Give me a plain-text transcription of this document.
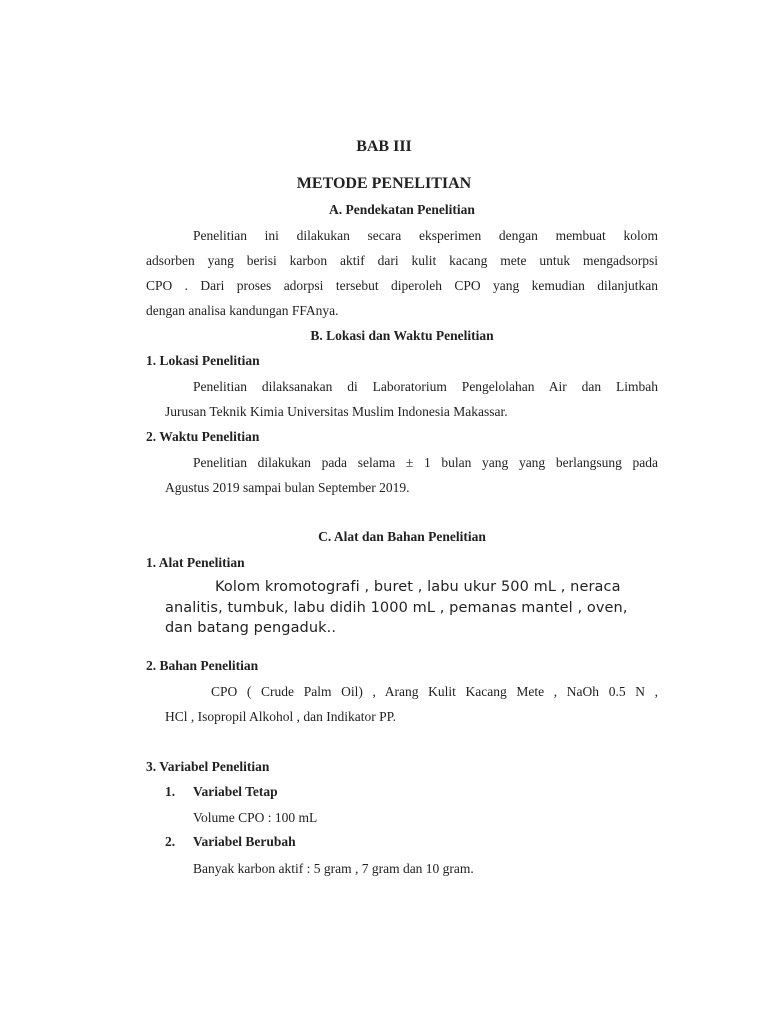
BAB III
METODE PENELITIAN
A. Pendekatan Penelitian
Penelitian ini dilakukan secara eksperimen dengan membuat kolom
adsorben yang berisi karbon aktif dari kulit kacang mete untuk mengadsorpsi
CPO . Dari proses adorpsi tersebut diperoleh CPO yang kemudian dilanjutkan
dengan analisa kandungan FFAnya.
B. Lokasi dan Waktu Penelitian
1. Lokasi Penelitian
Penelitian dilaksanakan di Laboratorium Pengelolahan Air dan Limbah
Jurusan Teknik Kimia Universitas Muslim Indonesia Makassar.
2. Waktu Penelitian
Penelitian dilakukan pada selama ± 1 bulan yang yang berlangsung pada
Agustus 2019 sampai bulan September 2019.
C. Alat dan Bahan Penelitian
1. Alat Penelitian
Kolom kromotografi , buret , labu ukur 500 mL , neraca
analitis, tumbuk, labu didih 1000 mL , pemanas mantel , oven,
dan batang pengaduk..
2. Bahan Penelitian
CPO ( Crude Palm Oil) , Arang Kulit Kacang Mete , NaOh 0.5 N ,
HCl , Isopropil Alkohol , dan Indikator PP.
3. Variabel Penelitian
1. Variabel Tetap
Volume CPO : 100 mL
2. Variabel Berubah
Banyak karbon aktif : 5 gram , 7 gram dan 10 gram.
